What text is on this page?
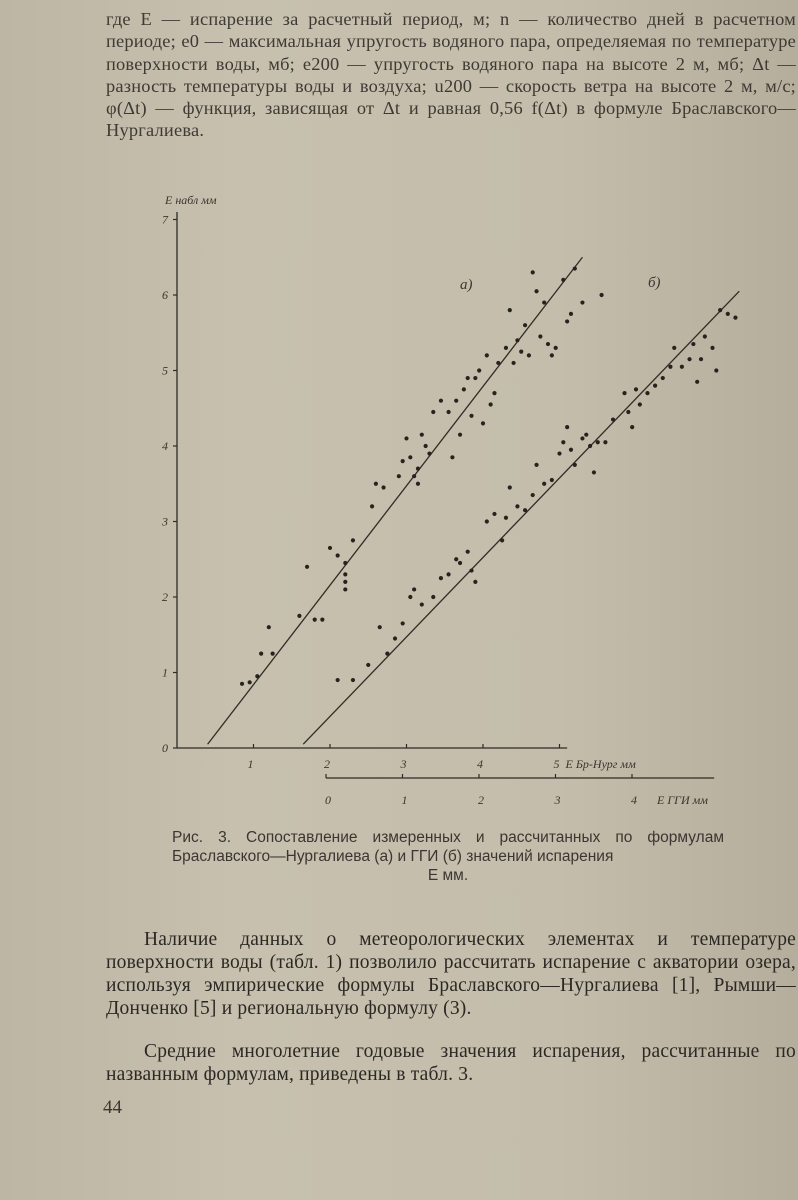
где E — испарение за расчетный период, м; n — количество дней в расчетном периоде; e0 — максимальная упругость водяного пара, определяемая по температуре поверхности воды, мб; e200 — упругость водяного пара на высоте 2 м, мб; Δt — разность температуры воды и воздуха; u200 — скорость ветра на высоте 2 м, м/с; φ(Δt) — функция, зависящая от Δt и равная 0,56 f(Δt) в формуле Браславского—Нургалиева.

0
1
2
3
4
5
6
7
E набл мм
1	2	3	4	5 E Бр-Нург мм
0	1	2	3	4 E ГГИ мм
а)	б)
Рис. 3. Сопоставление измеренных и рассчитанных по формулам Браславского—Нургалиева (а) и ГГИ (б) значений испарения
E мм.

Наличие данных о метеорологических элементах и температуре поверхности воды (табл. 1) позволило рассчитать испарение с акватории озера, используя эмпирические формулы Браславского—Нургалиева [1], Рымши—Донченко [5] и региональную формулу (3).

Средние многолетние годовые значения испарения, рассчитанные по названным формулам, приведены в табл. 3.

44
